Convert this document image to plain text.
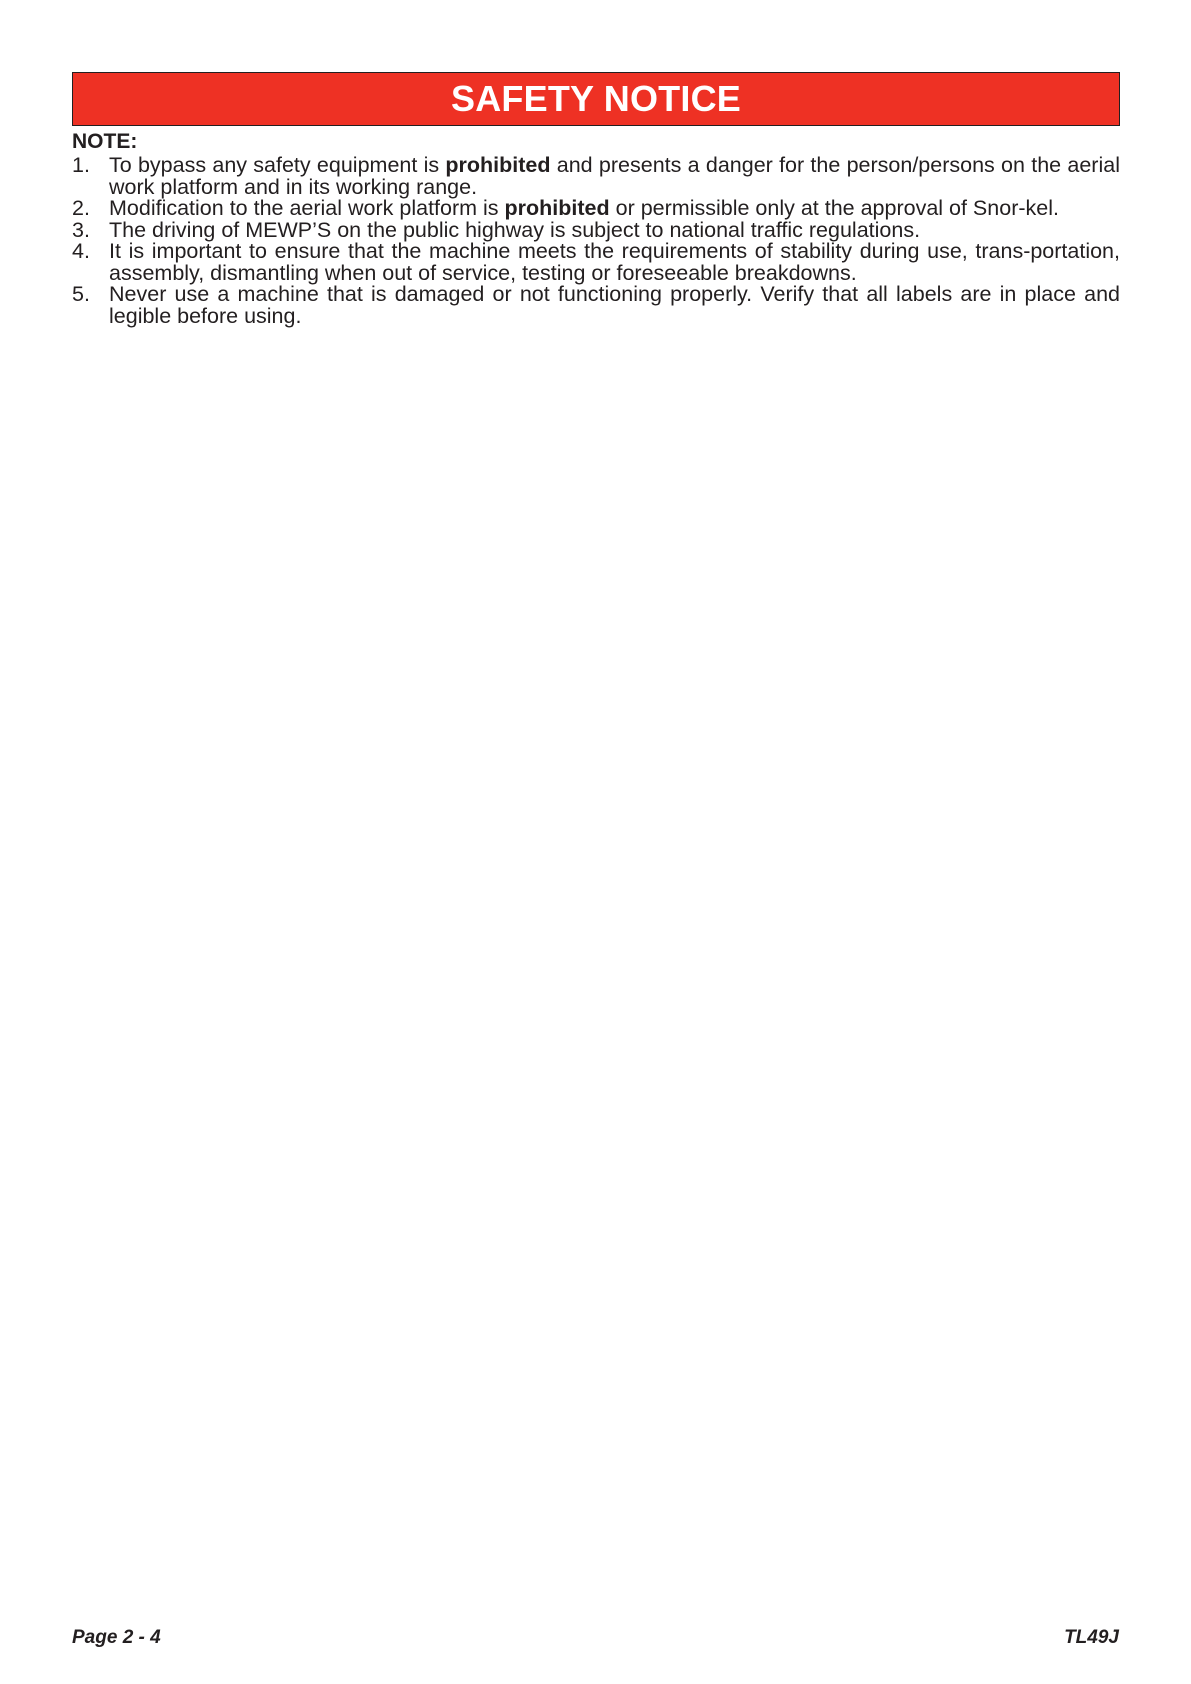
SAFETY NOTICE
NOTE:
1. To bypass any safety equipment is prohibited and presents a danger for the person/persons on the aerial work platform and in its working range.
2. Modification to the aerial work platform is prohibited or permissible only at the approval of Snor-kel.
3. The driving of MEWP’S on the public highway is subject to national traffic regulations.
4. It is important to ensure that the machine meets the requirements of stability during use, trans-portation, assembly, dismantling when out of service, testing or foreseeable breakdowns.
5. Never use a machine that is damaged or not functioning properly. Verify that all labels are in place and legible before using.
Page 2 - 4	TL49J
